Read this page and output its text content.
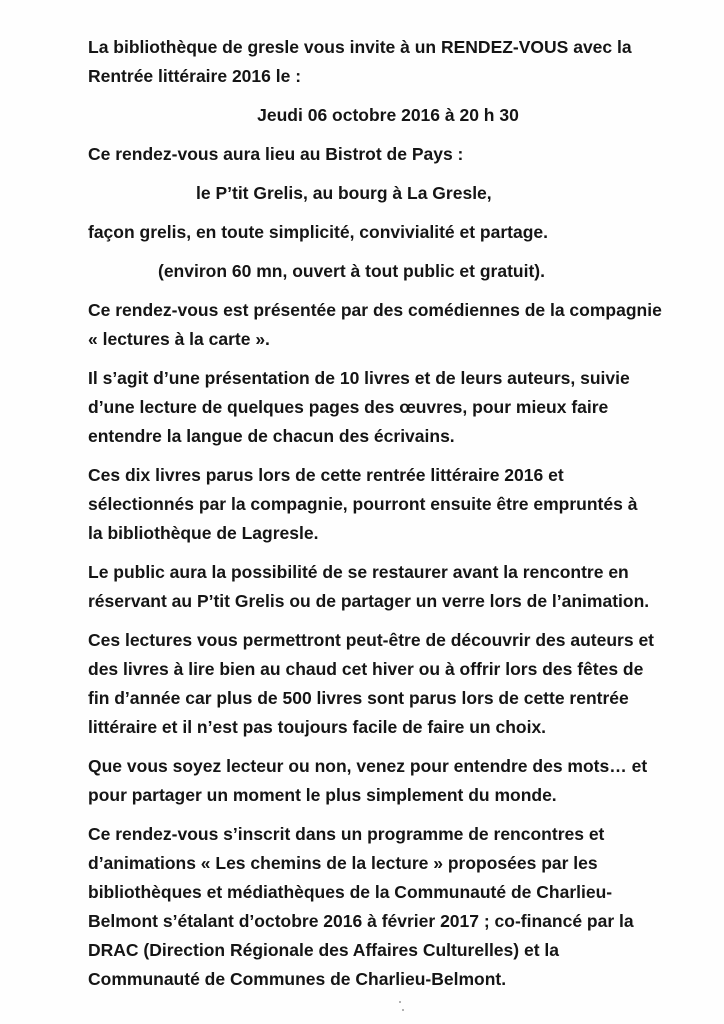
La bibliothèque de gresle vous invite à un RENDEZ-VOUS avec la
Rentrée littéraire 2016 le :

Jeudi 06 octobre 2016 à 20 h 30

Ce rendez-vous aura lieu au Bistrot de Pays :

le P’tit Grelis, au bourg à La Gresle,

façon grelis, en toute simplicité, convivialité et partage.

(environ 60 mn, ouvert à tout public et gratuit).

Ce rendez-vous est présentée par des comédiennes de la compagnie
« lectures à la carte ».

Il s’agit d’une présentation de 10 livres et de leurs auteurs, suivie
d’une lecture de quelques pages des œuvres, pour mieux faire
entendre la langue de chacun des écrivains.

Ces dix livres parus lors de cette rentrée littéraire 2016 et
sélectionnés par la compagnie, pourront ensuite être empruntés à
la bibliothèque de Lagresle.

Le public aura la possibilité de se restaurer avant la rencontre en
réservant au P’tit Grelis ou de partager un verre lors de l’animation.

Ces lectures vous permettront peut-être de découvrir des auteurs et
des livres à lire bien au chaud cet hiver ou à offrir lors des fêtes de
fin d’année car plus de 500 livres sont parus lors de cette rentrée
littéraire et il n’est pas toujours facile de faire un choix.

Que vous soyez lecteur ou non, venez pour entendre des mots… et
pour partager un moment le plus simplement du monde.

Ce rendez-vous s’inscrit dans un programme de rencontres et
d’animations « Les chemins de la lecture » proposées par les
bibliothèques et médiathèques de la Communauté de Charlieu-
Belmont s’étalant d’octobre 2016 à février 2017 ; co-financé par la
DRAC (Direction Régionale des Affaires Culturelles) et la
Communauté de Communes de Charlieu-Belmont.
